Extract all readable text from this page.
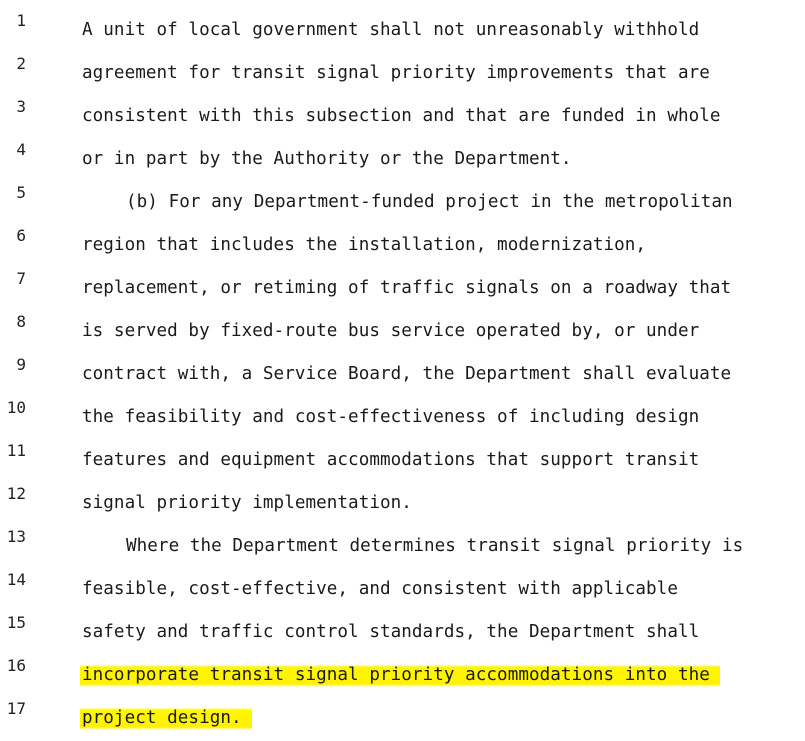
1	A unit of local government shall not unreasonably withhold
2	agreement for transit signal priority improvements that are
3	consistent with this subsection and that are funded in whole
4	or in part by the Authority or the Department.
5	(b) For any Department-funded project in the metropolitan
6	region that includes the installation, modernization,
7	replacement, or retiming of traffic signals on a roadway that
8	is served by fixed-route bus service operated by, or under
9	contract with, a Service Board, the Department shall evaluate
10	the feasibility and cost-effectiveness of including design
11	features and equipment accommodations that support transit
12	signal priority implementation.
13	Where the Department determines transit signal priority is
14	feasible, cost-effective, and consistent with applicable
15	safety and traffic control standards, the Department shall
16	incorporate transit signal priority accommodations into the
17	project design.
